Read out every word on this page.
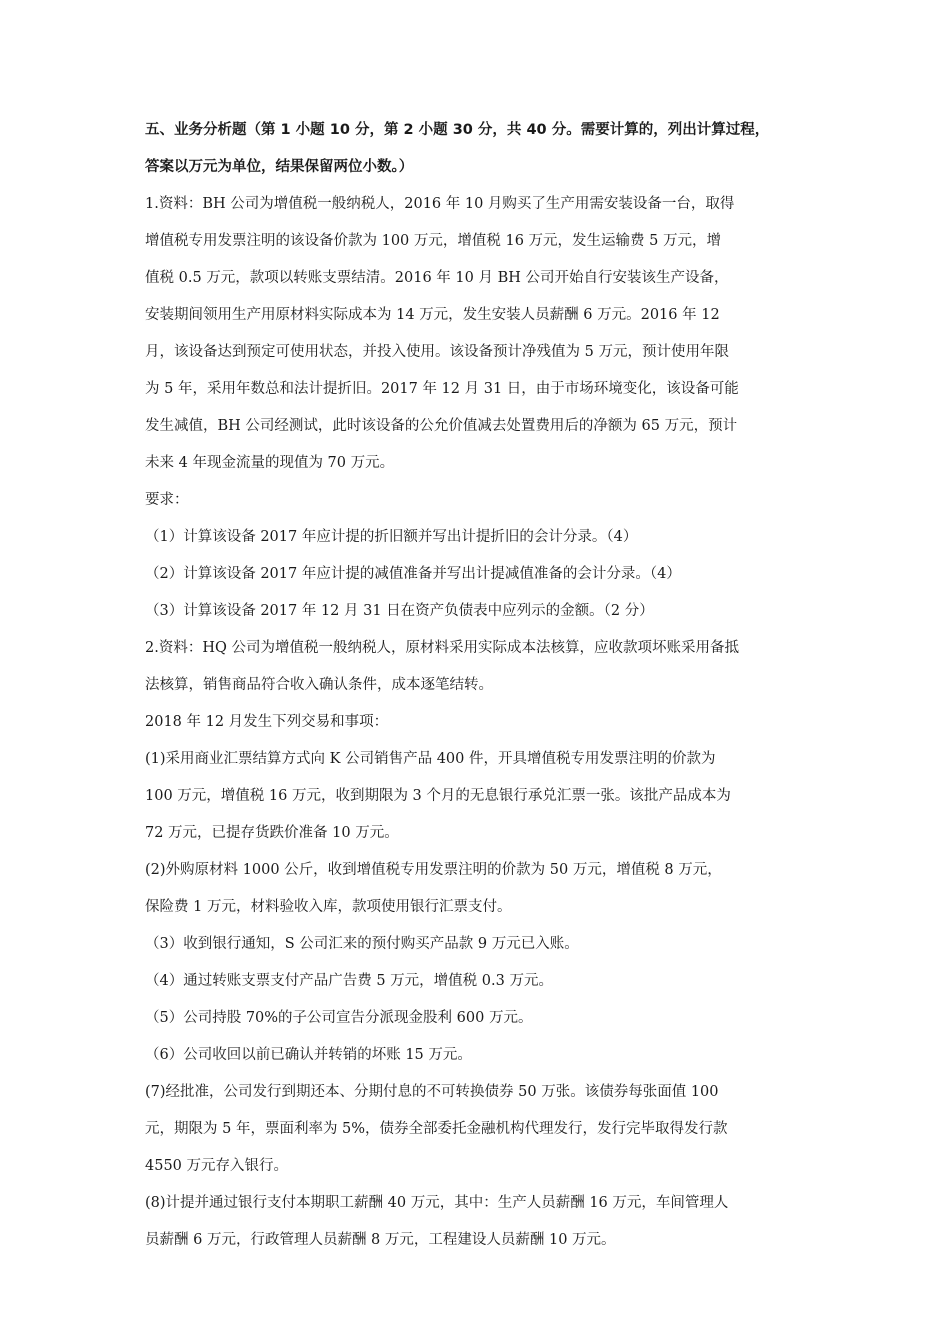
五、业务分析题（第 1 小题 10 分，第 2 小题 30 分，共 40 分。需要计算的，列出计算过程，
答案以万元为单位，结果保留两位小数。）
1.资料：BH 公司为增值税一般纳税人，2016 年 10 月购买了生产用需安装设备一台，取得
增值税专用发票注明的该设备价款为 100 万元，增值税 16 万元，发生运输费 5 万元，增
值税 0.5 万元，款项以转账支票结清。2016 年 10 月 BH 公司开始自行安装该生产设备，
安装期间领用生产用原材料实际成本为 14 万元，发生安装人员薪酬 6 万元。2016 年 12
月，该设备达到预定可使用状态，并投入使用。该设备预计净残值为 5 万元，预计使用年限
为 5 年，采用年数总和法计提折旧。2017 年 12 月 31 日，由于市场环境变化，该设备可能
发生减值，BH 公司经测试，此时该设备的公允价值减去处置费用后的净额为 65 万元，预计
未来 4 年现金流量的现值为 70 万元。
要求：
（1）计算该设备 2017 年应计提的折旧额并写出计提折旧的会计分录。（4）
（2）计算该设备 2017 年应计提的减值准备并写出计提减值准备的会计分录。（4）
（3）计算该设备 2017 年 12 月 31 日在资产负债表中应列示的金额。（2 分）
2.资料：HQ 公司为增值税一般纳税人，原材料采用实际成本法核算，应收款项坏账采用备抵
法核算，销售商品符合收入确认条件，成本逐笔结转。
2018 年 12 月发生下列交易和事项：
(1)采用商业汇票结算方式向 K 公司销售产品 400 件，开具增值税专用发票注明的价款为
100 万元，增值税 16 万元，收到期限为 3 个月的无息银行承兑汇票一张。该批产品成本为
72 万元，已提存货跌价准备 10 万元。
(2)外购原材料 1000 公斤，收到增值税专用发票注明的价款为 50 万元，增值税 8 万元，
保险费 1 万元，材料验收入库，款项使用银行汇票支付。
（3）收到银行通知，S 公司汇来的预付购买产品款 9 万元已入账。
（4）通过转账支票支付产品广告费 5 万元，增值税 0.3 万元。
（5）公司持股 70%的子公司宣告分派现金股利 600 万元。
（6）公司收回以前已确认并转销的坏账 15 万元。
(7)经批准，公司发行到期还本、分期付息的不可转换债券 50 万张。该债券每张面值 100
元，期限为 5 年，票面利率为 5%，债券全部委托金融机构代理发行，发行完毕取得发行款
4550 万元存入银行。
(8)计提并通过银行支付本期职工薪酬 40 万元，其中：生产人员薪酬 16 万元，车间管理人
员薪酬 6 万元，行政管理人员薪酬 8 万元，工程建设人员薪酬 10 万元。
